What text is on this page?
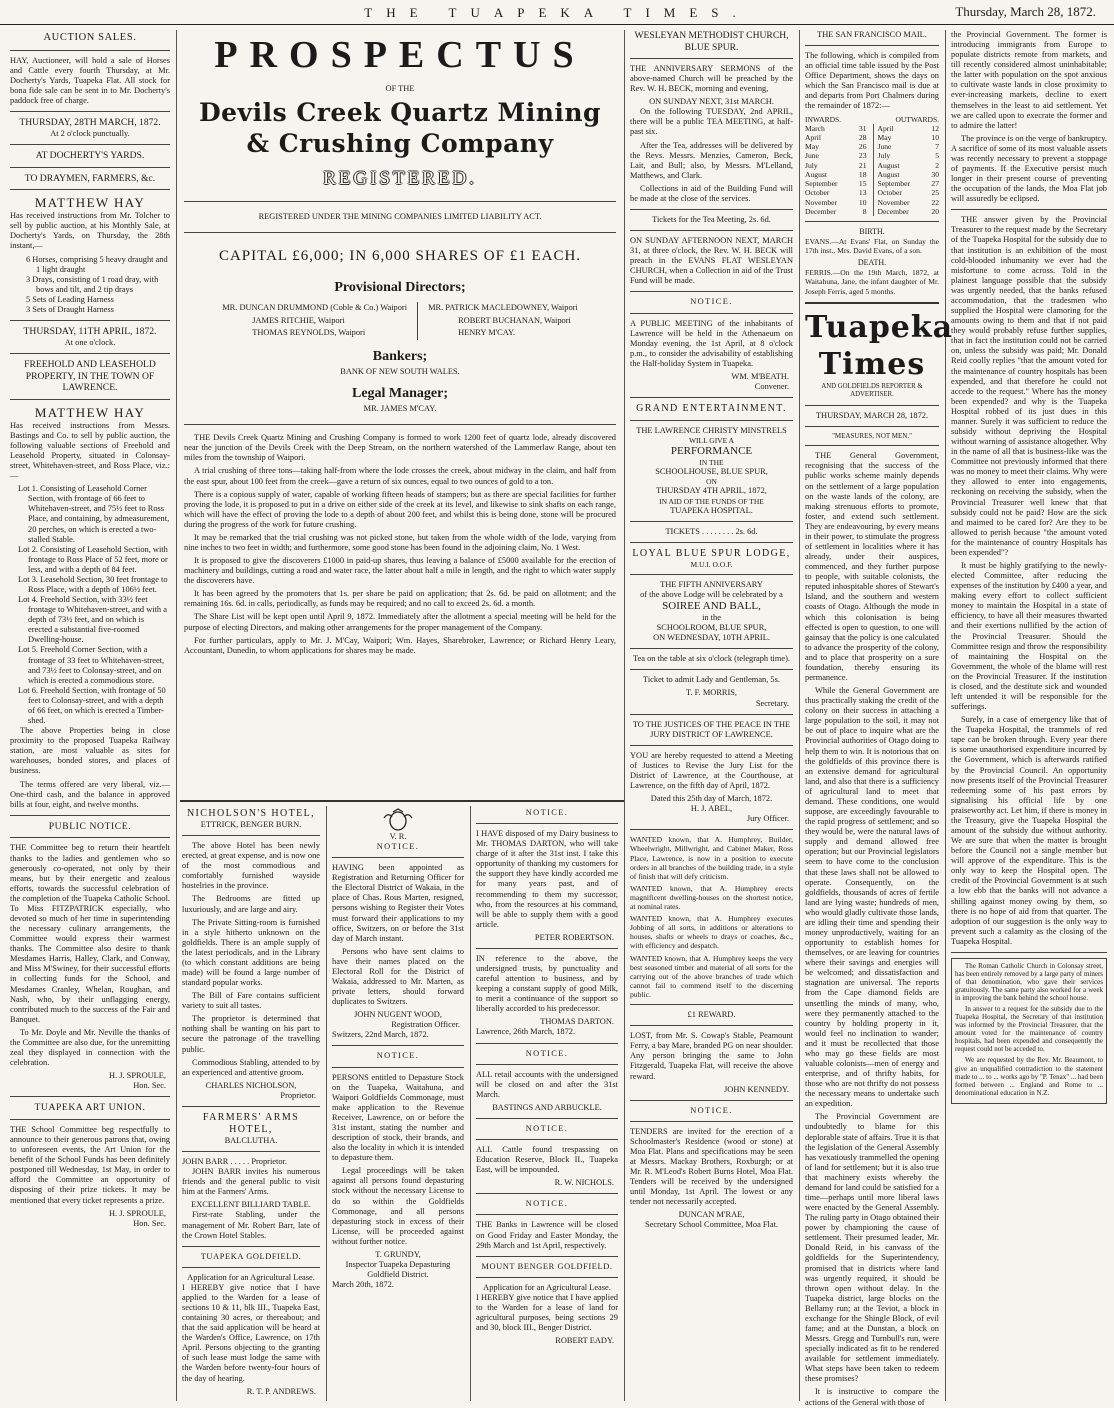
THE TUAPEKA TIMES.	Thursday, March 28, 1872.
AUCTION SALES.

HAY, Auctioneer, will hold a sale of Horses and Cattle every fourth Thursday, at Mr. Docherty's Yards, Tuapeka Flat. All stock for bona fide sale can be sent in to Mr. Docherty's paddock free of charge.

THURSDAY, 28TH MARCH, 1872.
At 2 o'clock punctually.
AT DOCHERTY'S YARDS.
TO DRAYMEN, FARMERS, &c.
MATTHEW HAY

Has received instructions from Mr. Tolcher to sell by public auction, at his Monthly Sale, at Docherty's Yards, on Thursday, the 28th instant,—

6 Horses, comprising 5 heavy draught and 1 light draught
3 Drays, consisting of 1 road dray, with bows and tilt, and 2 tip drays
5 Sets of Leading Harness
3 Sets of Draught Harness
THURSDAY, 11TH APRIL, 1872.
At one o'clock.
FREEHOLD AND LEASEHOLD PROPERTY, IN THE TOWN OF LAWRENCE.
MATTHEW HAY

Has received instructions from Messrs. Bastings and Co. to sell by public auction, the following valuable sections of Freehold and Leasehold Property, situated in Colonsay-street, Whitehaven-street, and Ross Place, viz.:—

Lot 1. Consisting of Leasehold Corner Section, with frontage of 66 feet to Whitehaven-street, and 75½ feet to Ross Place, and containing, by admeasurement, 20 perches, on which is erected a two-stalled Stable.
Lot 2. Consisting of Leasehold Section, with frontage to Ross Place of 52 feet, more or less, and with a depth of 84 feet.
Lot 3. Leasehold Section, 30 feet frontage to Ross Place, with a depth of 106½ feet.
Lot 4. Freehold Section, with 33½ feet frontage to Whitehaven-street, and with a depth of 73½ feet, and on which is erected a substantial five-roomed Dwelling-house.
Lot 5. Freehold Corner Section, with a frontage of 33 feet to Whitehaven-street, and 73½ feet to Colonsay-street, and on which is erected a commodious store.
Lot 6. Freehold Section, with frontage of 50 feet to Colonsay-street, and with a depth of 66 feet, on which is erected a Timber-shed.

The above Properties being in close proximity to the proposed Tuapeka Railway station, are most valuable as sites for warehouses, bonded stores, and places of business.

The terms offered are very liberal, viz.—One-third cash, and the balance in approved bills at four, eight, and twelve months.

PUBLIC NOTICE.

THE Committee beg to return their heartfelt thanks to the ladies and gentlemen who so generously co-operated, not only by their means, but by their energetic and zealous efforts, towards the successful celebration of the completion of the Tuapeka Catholic School. To Miss FITZPATRICK especially, who devoted so much of her time in superintending the necessary culinary arrangements, the Committee would express their warmest thanks. The Committee also desire to thank Mesdames Harris, Halley, Clark, and Conway, and Miss M'Swiney, for their successful efforts in collecting funds for the School, and Mesdames Cranley, Whelan, Roughan, and Nash, who, by their unflagging energy, contributed much to the success of the Fair and Banquet.

To Mr. Doyle and Mr. Neville the thanks of the Committee are also due, for the unremitting zeal they displayed in connection with the celebration.

H. J. SPROULE,
Hon. Sec.
TUAPEKA ART UNION.

THE School Committee beg respectfully to announce to their generous patrons that, owing to unforeseen events, the Art Union for the benefit of the School Funds has been definitely postponed till Wednesday, 1st May, in order to afford the Committee an opportunity of disposing of their prize tickets. It may be mentioned that every ticket represents a prize.

H. J. SPROULE,
Hon. Sec.
PROSPECTUS
OF THE
Devils Creek Quartz Mining & Crushing Company
REGISTERED.
REGISTERED UNDER THE MINING COMPANIES LIMITED LIABILITY ACT.
CAPITAL £6,000; IN 6,000 SHARES OF £1 EACH.
Provisional Directors;
MR. DUNCAN DRUMMOND (Coble & Co.) Waipori
JAMES RITCHIE, Waipori
THOMAS REYNOLDS, Waipori
MR. PATRICK MACLEDOWNEY, Waipori
ROBERT BUCHANAN, Waipori
HENRY M'CAY.
Bankers;
BANK OF NEW SOUTH WALES.
Legal Manager;
MR. JAMES M'CAY.

THE Devils Creek Quartz Mining and Crushing Company is formed to work 1200 feet of quartz lode, already discovered near the junction of the Devils Creek with the Deep Stream, on the northern watershed of the Lammerlaw Range, about ten miles from the township of Waipori.

A trial crushing of three tons—taking half-from where the lode crosses the creek, about midway in the claim, and half from the east spur, about 100 feet from the creek—gave a return of six ounces, equal to two ounces of gold to a ton.

There is a copious supply of water, capable of working fifteen heads of stampers; but as there are special facilities for further proving the lode, it is proposed to put in a drive on either side of the creek at its level, and likewise to sink shafts on each range, which will have the effect of proving the lode to a depth of about 200 feet, and whilst this is being done, stone will be procured during the progress of the work for future crushing.

It may be remarked that the trial crushing was not picked stone, but taken from the whole width of the lode, varying from nine inches to two feet in width; and furthermore, some good stone has been found in the adjoining claim, No. 1 West.

It is proposed to give the discoverers £1000 in paid-up shares, thus leaving a balance of £5000 available for the erection of machinery and buildings, cutting a road and water race, the latter about half a mile in length, and the right to which water supply the discoverers have.

It has been agreed by the promoters that 1s. per share be paid on application; that 2s. 6d. be paid on allotment; and the remaining 16s. 6d. in calls, periodically, as funds may be required; and no call to exceed 2s. 6d. a month.

The Share List will be kept open until April 9, 1872. Immediately after the allotment a special meeting will be held for the purpose of electing Directors, and making other arrangements for the proper management of the Company.

For further particulars, apply to Mr. J. M'Cay, Waipori; Wm. Hayes, Sharebroker, Lawrence; or Richard Henry Leary, Accountant, Dunedin, to whom applications for shares may be made.

NICHOLSON'S HOTEL,
ETTRICK, BENGER BURN.

The above Hotel has been newly erected, at great expense, and is now one of the most commodious and comfortably furnished wayside hostelries in the province.

The Bedrooms are fitted up luxuriously, and are large and airy.

The Private Sitting-room is furnished in a style hitherto unknown on the goldfields. There is an ample supply of the latest periodicals, and in the Library (to which constant additions are being made) will be found a large number of standard popular works.

The Bill of Fare contains sufficient variety to suit all tastes.

The proprietor is determined that nothing shall be wanting on his part to secure the patronage of the travelling public.

Commodious Stabling, attended to by an experienced and attentive groom.

CHARLES NICHOLSON,
Proprietor.
FARMERS' ARMS HOTEL,
BALCLUTHA.
JOHN BARR . . . . . Proprietor.

JOHN BARR invites his numerous friends and the general public to visit him at the Farmers' Arms.

EXCELLENT BILLIARD TABLE.

First-rate Stabling, under the management of Mr. Robert Barr, late of the Crown Hotel Stables.

TUAPEKA GOLDFIELD.
Application for an Agricultural Lease.

I HEREBY give notice that I have applied to the Warden for a lease of sections 10 & 11, blk III., Tuapeka East, containing 30 acres, or thereabout; and that the said application will be heard at the Warden's Office, Lawrence, on 17th April. Persons objecting to the granting of such lease must lodge the same with the Warden before twenty-four hours of the day of hearing.

R. T. P. ANDREWS.
V. R.
NOTICE.

HAVING been appointed as Registration and Returning Officer for the Electoral District of Wakaia, in the place of Chas. Rous Marten, resigned, persons wishing to Register their Votes must forward their applications to my office, Switzers, on or before the 31st day of March instant.

Persons who have sent claims to have their names placed on the Electoral Roll for the District of Wakaia, addressed to Mr. Marten, as private letters, should forward duplicates to Switzers.

JOHN NUGENT WOOD,
Registration Officer.
Switzers, 22nd March, 1872.
NOTICE.

PERSONS entitled to Depasture Stock on the Tuapeka, Waitahuna, and Waipori Goldfields Commonage, must make application to the Revenue Receiver, Lawrence, on or before the 31st instant, stating the number and description of stock, their brands, and also the locality in which it is intended to depasture them.

Legal proceedings will be taken against all persons found depasturing stock without the necessary License to do so within the Goldfields Commonage, and all persons depasturing stock in excess of their License, will be proceeded against without further notice.

T. GRUNDY,
Inspector Tuapeka Depasturing Goldfield District.
March 20th, 1872.
NOTICE.

I HAVE disposed of my Dairy business to Mr. THOMAS DARTON, who will take charge of it after the 31st inst. I take this opportunity of thanking my customers for the support they have kindly accorded me for many years past, and of recommending to them my successor, who, from the resources at his command, will be able to supply them with a good article.

PETER ROBERTSON.

IN reference to the above, the undersigned trusts, by punctuality and careful attention to business, and by keeping a constant supply of good Milk, to merit a continuance of the support so liberally accorded to his predecessor.

THOMAS DARTON.
Lawrence, 26th March, 1872.
NOTICE.

ALL retail accounts with the undersigned will be closed on and after the 31st March.

BASTINGS AND ARBUCKLE.
NOTICE.

ALL Cattle found trespassing on Education Reserve, Block II., Tuapeka East, will be impounded.

R. W. NICHOLS.
NOTICE.

THE Banks in Lawrence will be closed on Good Friday and Easter Monday, the 29th March and 1st April, respectively.

MOUNT BENGER GOLDFIELD.
Application for an Agricultural Lease.

I HEREBY give notice that I have applied to the Warden for a lease of land for agricultural purposes, being sections 29 and 30, block III., Benger District.

ROBERT EADY.
WESLEYAN METHODIST CHURCH, BLUE SPUR.

THE ANNIVERSARY SERMONS of the above-named Church will be preached by the Rev. W. H. BECK, morning and evening,

ON SUNDAY NEXT, 31st MARCH.

On the following TUESDAY, 2nd APRIL, there will be a public TEA MEETING, at half-past six.

After the Tea, addresses will be delivered by the Revs. Messrs. Menzies, Cameron, Beck, Lait, and Bull; also, by Messrs. M'Lelland, Matthews, and Clark.

Collections in aid of the Building Fund will be made at the close of the services.

Tickets for the Tea Meeting, 2s. 6d.

ON SUNDAY AFTERNOON NEXT, MARCH 31, at three o'clock, the Rev. W. H. BECK will preach in the EVANS FLAT WESLEYAN CHURCH, when a Collection in aid of the Trust Fund will be made.

NOTICE.

A PUBLIC MEETING of the inhabitants of Lawrence will be held in the Athenaeum on Monday evening, the 1st April, at 8 o'clock p.m., to consider the advisability of establishing the Half-holiday System in Tuapeka.

WM. M'BEATH.
Convener.
GRAND ENTERTAINMENT.
THE LAWRENCE CHRISTY MINSTRELS
WILL GIVE A
PERFORMANCE
IN THE
SCHOOLHOUSE, BLUE SPUR,
ON
THURSDAY 4TH APRIL, 1872,
IN AID OF THE FUNDS OF THE
TUAPEKA HOSPITAL.
TICKETS . . . . . . . . 2s. 6d.
LOYAL BLUE SPUR LODGE,
M.U.I. O.O.F.
THE FIFTH ANNIVERSARY
of the above Lodge will be celebrated by a
SOIREE AND BALL,
in the
SCHOOLROOM, BLUE SPUR,
ON WEDNESDAY, 10TH APRIL.
Tea on the table at six o'clock (telegraph time).
Ticket to admit Lady and Gentleman, 5s.
T. F. MORRIS,
Secretary.
TO THE JUSTICES OF THE PEACE IN THE JURY DISTRICT OF LAWRENCE.

YOU are hereby requested to attend a Meeting of Justices to Revise the Jury List for the District of Lawrence, at the Courthouse, at Lawrence, on the fifth day of April, 1872.

Dated this 25th day of March, 1872.
H. J. ABEL,
Jury Officer.

WANTED known, that A. Humphrey, Builder, Wheelwright, Millwright, and Cabinet Maker, Ross Place, Lawrence, is now in a position to execute orders in all branches of the building trade, in a style of finish that will defy criticism.

WANTED known, that A. Humphrey erects magnificent dwelling-houses on the shortest notice, at nominal rates.

WANTED known, that A. Humphrey executes Jobbing of all sorts, in additions or alterations to houses, shafts or wheels to drays or coaches, &c., with efficiency and despatch.

WANTED known, that A. Humphrey keeps the very best seasoned timber and material of all sorts for the carrying out of the above branches of trade which cannot fail to commend itself to the discerning public.

£1 REWARD.

LOST, from Mr. S. Cowap's Stable, Peamount Ferry, a bay Mare, branded PG on near shoulder. Any person bringing the same to John Fitzgerald, Tuapeka Flat, will receive the above reward.

JOHN KENNEDY.
NOTICE.

TENDERS are invited for the erection of a Schoolmaster's Residence (wood or stone) at Moa Flat. Plans and specifications may be seen at Messrs. Mackay Brothers, Roxburgh; or at Mr. R. M'Leod's Robert Burns Hotel, Moa Flat. Tenders will be received by the undersigned until Monday, 1st April. The lowest or any tender not necessarily accepted.

DUNCAN M'RAE,
Secretary School Committee, Moa Flat.
THE SAN FRANCISCO MAIL.

The following, which is compiled from an official time table issued by the Post Office Department, shows the days on which the San Francisco mail is due at and departs from Port Chalmers during the remainder of 1872:—

INWARDS.	OUTWARDS.
March	31 April	12
April	28 May	10
May	26 June	7
June	23 July	5
July	21 August	2
August	18 August	30
September	15 September	27
October	13 October	25
November	10 November	22
December	8 December	20
BIRTH.

EVANS.—At Evans' Flat, on Sunday the 17th inst., Mrs. David Evans, of a son.

DEATH.

FERRIS.—On the 19th March, 1872, at Waitahuna, Jane, the infant daughter of Mr. Joseph Ferris, aged 5 months.

Tuapeka Times
AND GOLDFIELDS REPORTER & ADVERTISER.
THURSDAY, MARCH 28, 1872.
"MEASURES, NOT MEN."

THE General Government, recognising that the success of the public works scheme mainly depends on the settlement of a large population on the waste lands of the colony, are making strenuous efforts to promote, foster, and extend such settlement. They are endeavouring, by every means in their power, to stimulate the progress of settlement in localities where it has already, under their auspices, commenced, and they further purpose to people, with suitable colonists, the reputed inhospitable shores of Stewart's Island, and the southern and western coasts of Otago. Although the mode in which this colonisation is being effected is open to question, to one will gainsay that the policy is one calculated to advance the prosperity of the colony, and to place that prosperity on a sure foundation, thereby ensuring its permanence.

While the General Government are thus practically staking the credit of the colony on their success in attaching a large population to the soil, it may not be out of place to inquire what are the Provincial authorities of Otago doing to help them to win. It is notorious that on the goldfields of this province there is an extensive demand for agricultural land, and also that there is a sufficiency of agricultural land to meet that demand. These conditions, one would suppose, are exceedingly favourable to the rapid progress of settlement; and so they would be, were the natural laws of supply and demand allowed free operation; but our Provincial legislators seem to have come to the conclusion that these laws shall not be allowed to operate. Consequently, on the goldfields, thousands of acres of fertile land are lying waste; hundreds of men, who would gladly cultivate those lands, are idling their time and spending their money unproductively, waiting for an opportunity to establish homes for themselves, or are leaving for countries where their savings and energies will be welcomed; and dissatisfaction and stagnation are universal. The reports from the Cape diamond fields are unsettling the minds of many, who, were they permanently attached to the country by holding property in it, would feel no inclination to wander; and it must be recollected that those who may go these fields are most valuable colonists—men of energy and enterprise, and of thrifty habits, for those who are not thrifty do not possess the necessary means to undertake such an expedition.

The Provincial Government are undoubtedly to blame for this deplorable state of affairs. True it is that the legislation of the General Assembly has vexatiously trammelled the opening of land for settlement; but it is also true that machinery exists whereby the demand for land could be satisfied for a time—perhaps until more liberal laws were enacted by the General Assembly. The ruling party in Otago obtained their power by championing the cause of settlement. Their presumed leader, Mr. Donald Reid, in his canvass of the goldfields for the Superintendency, promised that in districts where land was urgently required, it should be thrown open without delay. In the Tuapeka district, large blocks on the Bellamy run; at the Teviot, a block in exchange for the Shingle Block, of evil fame; and at the Dunstan, a block on Messrs. Gregg and Turnbull's run, were specially indicated as fit to be rendered available for settlement immediately. What steps have been taken to redeem these promises?

It is instructive to compare the actions of the General with those of

the Provincial Government. The former is introducing immigrants from Europe to populate districts remote from markets, and till recently considered almost uninhabitable; the latter with population on the spot anxious to cultivate waste lands in close proximity to ever-increasing markets, decline to exert themselves in the least to aid settlement. Yet we are called upon to execrate the former and to admire the latter!

The province is on the verge of bankruptcy. A sacrifice of some of its most valuable assets was recently necessary to prevent a stoppage of payments. If the Executive persist much longer in their present course of preventing the occupation of the lands, the Moa Flat job will assuredly be eclipsed.

THE answer given by the Provincial Treasurer to the request made by the Secretary of the Tuapeka Hospital for the subsidy due to that institution is an exhibition of the most cold-blooded inhumanity we ever had the misfortune to come across. Told in the plainest language possible that the subsidy was urgently needed, that the banks refused accommodation, that the tradesmen who supplied the Hospital were clamoring for the amounts owing to them and that if not paid they would probably refuse further supplies, that in fact the institution could not be carried on, unless the subsidy was paid; Mr. Donald Reid coolly replies "that the amount voted for the maintenance of country hospitals has been expended, and that therefore he could not accede to the request." Where has the money been expended? and why is the Tuapeka Hospital robbed of its just dues in this manner. Surely it was sufficient to reduce the subsidy without depriving the Hospital without warning of assistance altogether. Why in the name of all that is business-like was the Committee not previously informed that there was no money to meet their claims. Why were they allowed to enter into engagements, reckoning on receiving the subsidy, when the Provincial Treasurer well knew that that subsidy could not be paid? How are the sick and maimed to be cared for? Are they to be allowed to perish because "the amount voted for the maintenance of country Hospitals has been expended"?

It must be highly gratifying to the newly-elected Committee, after reducing the expenses of the institution by £400 a year, and making every effort to collect sufficient money to maintain the Hospital in a state of efficiency, to have all their measures thwarted and their exertions nullified by the action of the Provincial Treasurer. Should the Committee resign and throw the responsibility of maintaining the Hospital on the Government, the whole of the blame will rest on the Provincial Treasurer. If the institution is closed, and the destitute sick and wounded left untended it will be responsible for the sufferings.

Surely, in a case of emergency like that of the Tuapeka Hospital, the trammels of red tape can be broken through. Every year there is some unauthorised expenditure incurred by the Government, which is afterwards ratified by the Provincial Council. An opportunity now presents itself of the Provincial Treasurer redeeming some of his past errors by signalising his official life by one praiseworthy act. Let him, if there is money in the Treasury, give the Tuapeka Hospital the amount of the subsidy due without authority. We are sure that when the matter is brought before the Council not a single member but will approve of the expenditure. This is the only way to keep the Hospital open. The credit of the Provincial Government is at such a low ebb that the banks will not advance a shilling against money owing by them, so there is no hope of aid from that quarter. The adoption of our suggestion is the only way to prevent such a calamity as the closing of the Tuapeka Hospital.

The Roman Catholic Church in Colonsay street, has been entirely removed by a large party of miners of that denomination, who gave their services gratuitously. The same party also worked for a week in improving the bank behind the school house.

In answer to a request for the subsidy due to the Tuapeka Hospital, the Secretary of that institution was informed by the Provincial Treasurer, that the amount voted for the maintenance of country hospitals, had been expended and consequently the request could not be acceded to.

We are requested by the Rev. Mr. Beaumont, to give an unqualified contradiction to the statement made to ... to ... works ago by "P. Tenax" ... had been formed between ... England and Rome to ... denominational education in N.Z.
